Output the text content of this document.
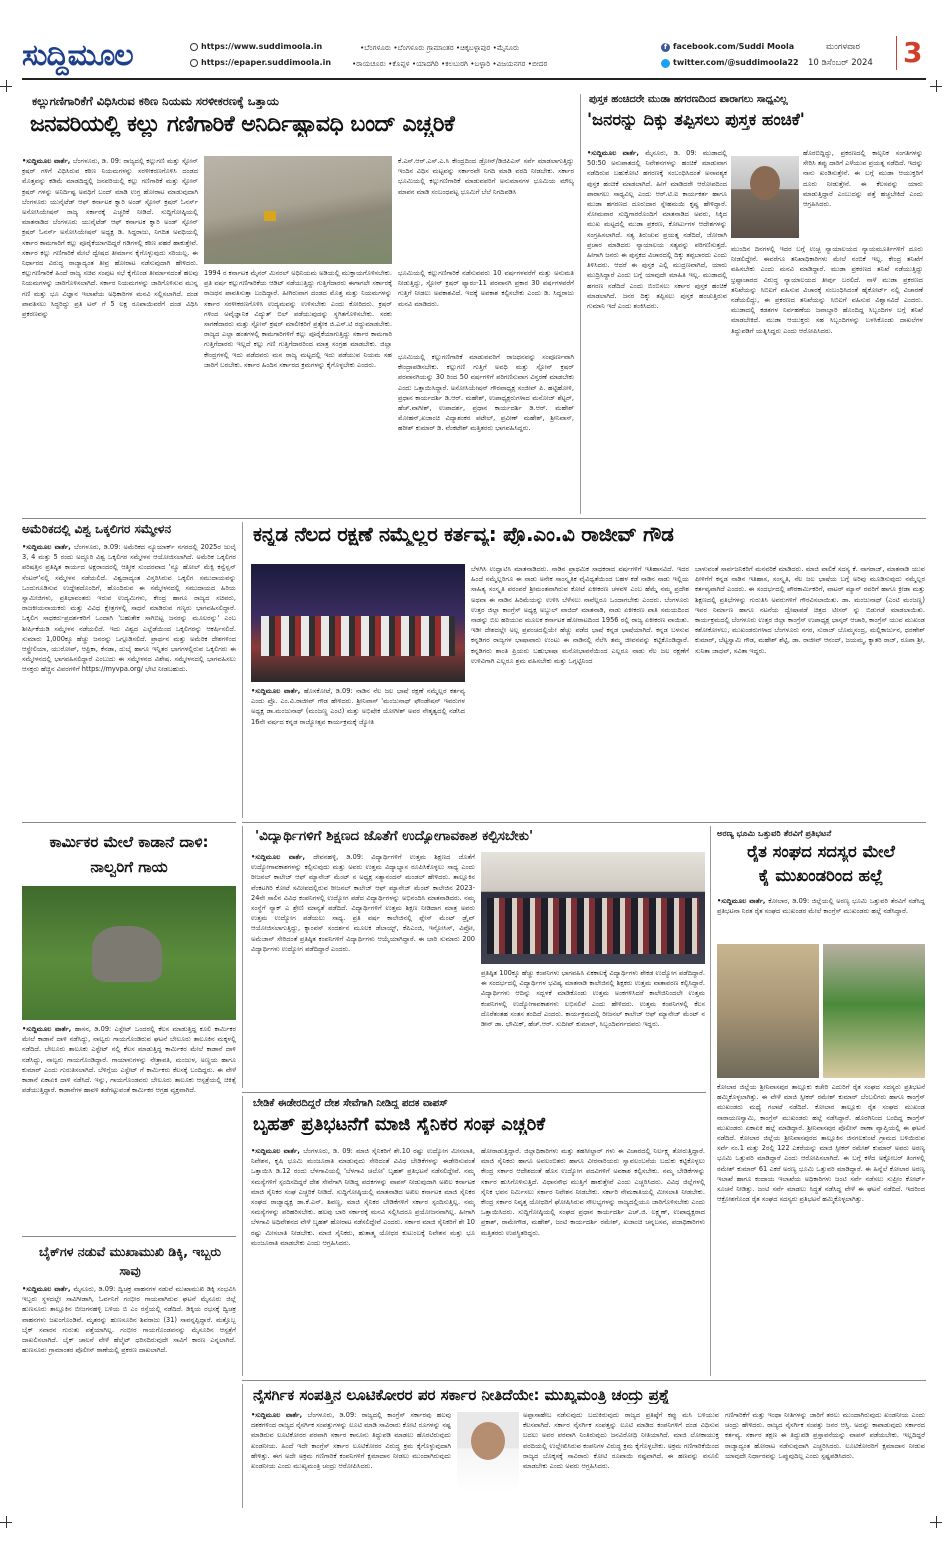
ಸುದ್ದಿಮೂಲ	https://www.suddimoola.in
https://epaper.suddimoola.in
•ಬೆಂಗಳೂರು •ಬೆಂಗಳೂರು ಗ್ರಾಮಾಂತರ •ಚಿಕ್ಕಬಳ್ಳಾಪುರ •ಮೈಸೂರು
•ರಾಯಚೂರು •ಕೊಪ್ಪಳ •ಯಾದಗಿರಿ •ಕಲಬುರಗಿ •ಬಳ್ಳಾರಿ •ವಿಜಯನಗರ •ಬೀದರ
f facebook.com/Suddi Moola
twitter.com/@suddimoola22
ಮಂಗಳವಾರ
10 ಡಿಸೆಂಬರ್ 2024 3
ಕಲ್ಲುಗಣಿಗಾರಿಕೆಗೆ ವಿಧಿಸಿರುವ ಕಠಿಣ ನಿಯಮ ಸರಳೀಕರಣಕ್ಕೆ ಒತ್ತಾಯ
ಜನವರಿಯಲ್ಲಿ ಕಲ್ಲು ಗಣಿಗಾರಿಕೆ ಅನಿರ್ದಿಷ್ಟಾವಧಿ ಬಂದ್ ಎಚ್ಚರಿಕೆ
•ಸುದ್ದಿಮೂಲ ವಾರ್ತೆ, ಬೆಂಗಳೂರು, ಡಿ. 09: ರಾಜ್ಯದಲ್ಲಿ ಕಲ್ಲುಗಣಿ ಮತ್ತು ಸ್ಟೋನ್ ಕ್ರಷರ್ ಗಳಿಗೆ ವಿಧಿಸಿರುವ ಕಠಿಣ ನಿಯಮಗಳನ್ನು ಸರಳೀಕರಣಗೊಳಿಸಿ ದಂಡದ ಮೊತ್ತವನ್ನು ಕಡಿಮೆ ಮಾಡದಿದ್ದಲ್ಲಿ ಜನವರಿಯಲ್ಲಿ ಕಲ್ಲು ಗಣಿಗಾರಿಕೆ ಮತ್ತು ಸ್ಟೋನ್ ಕ್ರಷರ್ ಗಳನ್ನು ಅನಿರ್ದಿಷ್ಟ ಅವಧಿಗೆ ಬಂದ್ ಮಾಡಿ ಉಗ್ರ ಹೋರಾಟ ಮಾಡುವುದಾಗಿ ಬೆಂಗಳೂರು ಯುನೈಟೆಡ್ ಆಫ್ ಕರ್ನಾಟಕ ಕ್ವಾರಿ ಅಂಡ್ ಸ್ಟೋನ್ ಕ್ರಷರ್ ಓನರ್ಸ್ ಅಸೋಸಿಯೇಷನ್ ರಾಜ್ಯ ಸರ್ಕಾರಕ್ಕೆ ಎಚ್ಚರಿಕೆ ನೀಡಿದೆ. ಸುದ್ದಿಗೋಷ್ಠಿಯಲ್ಲಿ ಮಾತನಾಡಿದ ಬೆಂಗಳೂರು ಯುನೈಟೆಡ್ ಆಫ್ ಕರ್ನಾಟಕ ಕ್ವಾರಿ ಅಂಡ್ ಸ್ಟೋನ್ ಕ್ರಷರ್ ಓನರ್ಸ್ ಅಸೋಸಿಯೇಷನ್ ಅಧ್ಯಕ್ಷ ಡಿ. ಸಿದ್ದರಾಜು, ನಿಗದಿತ ಅವಧಿಯಲ್ಲಿ ಸರ್ಕಾರ ಕಾಮಗಾರಿಗೆ ಕಲ್ಲು ಪೂರೈಕೆಯಾಗದಿದ್ದರೆ ಗಡಿಗಳಲ್ಲಿ ಕಠಿಣ ಪಹರೆ ಹಾಕುತ್ತೇವೆ. ಸರ್ಕಾರ ಕಲ್ಲು ಗಣಿಗಾರಿಕೆ ಮೇಲೆ ದ್ವೇಷದ ತೀರ್ಮಾನ ಕೈಗೊಳ್ಳುವುದು ಸರಿಯಲ್ಲ. ಈ ನಿರ್ಧಾರದ ವಿರುದ್ಧ ರಾಜ್ಯಾದ್ಯಂತ ತೀವ್ರ ಹೋರಾಟ ನಡೆಸುವುದಾಗಿ ಹೇಳಿದರು. ಕಲ್ಲುಗಣಿಗಾರಿಕೆ ಹಿಂದೆ ರಾಜ್ಯ ಸಚಿವ ಸಂಪುಟ ಸಭೆ ಕೈಗೊಂಡ ತೀರ್ಮಾನದಂತೆ ಹಲವು ನಿಯಮಗಳನ್ನು ಜಾರಿಗೊಳಿಸಲಾಗಿದೆ. ಸರ್ಕಾರ ನಿಯಮಗಳನ್ನು ಜಾರಿಗೊಳಿಸುವ ಮುನ್ನ ಗಣಿ ಮತ್ತು ಭೂ ವಿಜ್ಞಾನ ಇಲಾಖೆಯ ಅಧಿಕಾರಿಗಳ ಮನವಿ ಸಲ್ಲಿಸಲಾಗಿದೆ. ದಂಡ ಪಾವತಿಸಲು ಸಿದ್ಧರಿದ್ದು ಪ್ರತಿ ಟನ್ ಗೆ 5 ಲಕ್ಷ ರೂಪಾಯಿವರೆಗೆ ದಂಡ ವಿಧಿಸಿ ಪ್ರಕರಣವನ್ನು
ಕೆ.ಎಸ್.ಆರ್.ಎಸ್.ಎ.ಸಿ ಕೇಂದ್ರದಿಂದ ಡ್ರೋನ್/ಡಿಜಿಪಿಎಸ್ ಸರ್ವೆ ಮಾಡಲಾಗುತ್ತಿದ್ದು ಇಂದಿನ ವಿಧಿಸ ಮಟ್ಟವನ್ನು ಸರ್ಕಾರವೇ ನಿಗದಿ ಮಾಡಿ ವರದಿ ನೀಡಬೇಕು. ಸರ್ಕಾರ ಭೂಮಿಯಲ್ಲಿ ಕಲ್ಲುಗಣಿಗಾರಿಕೆ ಮಾಡುವವರಿಗೆ ಅನುಮಾನಗಳ ಭೂಮಿಯ ಮೌಲ್ಯ ಮಾಪನ ಮಾಡಿ ಸಂಬಂಧಪಟ್ಟ ಭೂಮಿಗೆ ಬೆಲೆ ನಿಗದಿಪಡಿಸಿ
1994 ರ ಕರ್ನಾಟಕ ಮೈನರ್ ಮಿನರಲ್ ಅಧಿನಿಯಮ ಅಡಿಯಲ್ಲಿ ಮುಕ್ತಾಯಗೊಳಿಸಬೇಕು. ಪ್ರತಿ ವರ್ಷ ಕಲ್ಲುಗಣಿಗಾರಿಕೆಯ ಆಡಿಟ್ ನಡೆಯುತ್ತಿದ್ದು ಗುತ್ತಿಗೆದಾರರು ಈಗಾಗಲೇ ಸರ್ಕಾರಕ್ಕೆ ರಾಜಧನ ಪಾವತಿಸುತ್ತಾ ಬಂದಿದ್ದಾರೆ. ಹೀಗಿರುವಾಗ ದಂಡದ ಮೊತ್ತ ಮತ್ತು ನಿಯಮಗಳನ್ನು ಸರ್ಕಾರ ಸರಳೀಕರಣಗೊಳಿಸಿ ಉದ್ಯಮವನ್ನು ಉಳಿಸಬೇಕು ಎಂದು ಕೋರಿದರು. ಕ್ರಷರ್ ಗಳಿಂದ ಅವೈಜ್ಞಾನಿಕ ವಿದ್ಯುತ್ ಬಿಲ್ ಪಡೆಯುವುದನ್ನು ಸ್ಥಗಿತಗೊಳಿಸಬೇಕು. ಸರಕು ಸಾಗಣೆದಾರರು ಮತ್ತು ಸ್ಟೋನ್ ಕ್ರಷರ್ ಮಾಲೀಕರಿಗೆ ಪ್ರತ್ಯೇಕ ಜಿ.ಎಸ್.ಟಿ ರದ್ದುಮಾಡಬೇಕು. ರಾಜ್ಯದ ಎಲ್ಲಾ ಹಂತಗಳಲ್ಲಿ ಕಾಮಗಾರಿಗಳಿಗೆ ಕಲ್ಲು ಪೂರೈಕೆಯಾಗುತ್ತಿದ್ದು ಸರ್ಕಾರ ಕಾಮಗಾರಿ ಗುತ್ತಿಗೆದಾರರು ಇಲ್ಲದೆ ಕಲ್ಲು ಗಣಿ ಗುತ್ತಿಗೆದಾರರಿಂದ ಮಾತ್ರ ಸಂಗ್ರಹ ಮಾಡಬೇಕು. ಜಿಲ್ಲಾ ಕೇಂದ್ರಗಳಲ್ಲಿ ಇದು ಪಡೆದವರು ಮನ ರಾಜ್ಯ ಮಟ್ಟದಲ್ಲಿ ಇದು ಪಡೆಯುವ ನಿಯಮ ಸಹ ಜಾರಿಗೆ ಬರಬೇಕು. ಸರ್ಕಾರ ಹಿಂದಿನ ಸರ್ಕಾರದ ಕ್ರಮಗಳನ್ನು ಕೈಗೊಳ್ಳಬೇಕು ಎಂದರು.
ಭೂಮಿಯಲ್ಲಿ ಕಲ್ಲುಗಣಿಗಾರಿಕೆ ನಡೆಸುವವರು 10 ವರ್ಷಗಳವರೆಗೆ ಮತ್ತು ಅನುಮತಿ ನೀಡುತ್ತಿದ್ದು, ಸ್ಟೋನ್ ಕ್ರಷರ್ ಫ್ಯಾರಂ-11 ಪರವಾನಗಿ ಪ್ರಕಾರ 30 ವರ್ಷಗಳವರೆಗೆ ಗುತ್ತಿಗೆ ನೀಡಲು ಅವಕಾಶವಿದೆ. ಇದಕ್ಕೆ ಅವಕಾಶ ಕಲ್ಪಿಸಬೇಕು ಎಂದು ಡಿ. ಸಿದ್ದರಾಜು ಮನವಿ ಮಾಡಿದರು.
ಭೂಮಿಯಲ್ಲಿ ಕಲ್ಲುಗಣಿಗಾರಿಕೆ ಮಾಡುವವರಿಗೆ ರಾಜಧನವನ್ನು ಸಂಪೂರ್ಣವಾಗಿ ಕೇಂದ್ರಾಪಡಿಸಬೇಕು. ಕಲ್ಲುಗಣಿ ಗುತ್ತಿಗೆ ಅವಧಿ ಮತ್ತು ಸ್ಟೋನ್ ಕ್ರಷರ್ ಪರವಾನಗಿಯನ್ನು 30 ರಿಂದ 50 ವರ್ಷಗಳಿಗೆ ಪರಿಗಣಿಸುವಾಗ ವಿಸ್ತರಣೆ ಮಾಡಬೇಕು ಎಂದು ಒತ್ತಾಯಿಸಿದ್ದಾರೆ. ಅಸೋಸಿಯೇಷನ್ ಗೌರವಾಧ್ಯಕ್ಷ ಸಂಜೀವ್ ಪಿ. ಹಟ್ಟಿಹೋಳಿ, ಪ್ರಧಾನ ಕಾರ್ಯದರ್ಶಿ ಡಿ.ಆರ್. ಮಹೇಶ್, ಉಪಾಧ್ಯಕ್ಷರುಗಳಾದ ಮನೋಜ್ ಶೆಟ್ಟರ್, ಹೆಚ್.ವಾಗೀಶ್, ಉಪಾದರ್ಶ, ಪ್ರಧಾನ ಕಾರ್ಯದರ್ಶಿ ಡಿ.ಆರ್. ಮಹೇಶ್ ಮೋಹನ್,ಖಜಾಂಚಿ ವಿದ್ಯಾಶಂಕರ ಪಟೇಲ್, ಪ್ರವೀಣ್ ಮಹೇಶ್, ಶ್ರೀನಿವಾಸ್, ಹರೀಶ್ ಕುಮಾರ್ ಡಿ. ವೆಂಕಟೇಶ್ ಮತ್ತಿತರರು ಭಾಗವಹಿಸಿದ್ದರು.
ಪುಸ್ತಕ ಹಂಚಿದರೇ ಮುಡಾ ಹಗರಣದಿಂದ ಪಾರಾಗಲು ಸಾಧ್ಯವಿಲ್ಲ
'ಜನರನ್ನು ದಿಕ್ಕು ತಪ್ಪಿಸಲು ಪುಸ್ತಕ ಹಂಚಿಕೆ'
•ಸುದ್ದಿಮೂಲ ವಾರ್ತೆ, ಮೈಸೂರು, ಡಿ. 09: ಮುಡಾದಲ್ಲಿ 50:50 ಅನುಪಾತದಲ್ಲಿ ನಿವೇಶನಗಳನ್ನು ಹಂಚಿಕೆ ಮಾಡುವಾಗ ನಡೆದಿರುವ ಬಹುಕೋಟಿ ಹಗರಣಕ್ಕೆ ಸಂಬಂಧಿಸಿದಂತೆ ಅನಾವಶ್ಯಕ ಪುಸ್ತಕ ಹಂಚಿಕೆ ಮಾಡಲಾಗಿದೆ. ಹೀಗೆ ಮಾಡಿದರೇ ಆರೋಪದಿಂದ ಪಾರಾಗಲು ಸಾಧ್ಯವಿಲ್ಲ ಎಂದು ಆರ್.ಟಿ.ಐ ಕಾರ್ಯಕರ್ತ ಹಾಗೂ ಮುಡಾ ಹಗರಣದ ದೂರುದಾರ ಸ್ನೇಹಮಯಿ ಕೃಷ್ಣ ಹೇಳಿದ್ದಾರೆ. ಸೋಮವಾರ ಸುದ್ದಿಗಾರರೊಂದಿಗೆ ಮಾತನಾಡಿದ ಅವರು, ಸಿಕ್ಕಿದ ಮುಖ ಮಟ್ಟದಲ್ಲಿ ಮುಡಾ ಪ್ರಕರಣ, ಕೋರ್ಟುಗಳ ಆದೇಶಗಳನ್ನು ಸಂಗ್ರಹಿಸಲಾಗಿದೆ. ಸತ್ಯ ತಿರುಚುವ ಪ್ರಯತ್ನ ನಡೆದಿದೆ, ಜೋರಾಗಿ ಪ್ರಚಾರ ಮಾಡಿದರು ನ್ಯಾಯಾಲಯ ಸತ್ಯವನ್ನು ಪರಿಗಣಿಸುತ್ತದೆ. ಹೀಗಾಗಿ ಜನರು ಈ ಪುಸ್ತಕದ ವಿಚಾರದಲ್ಲಿ ದಿಕ್ಕು ತಪ್ಪಬಾರದು ಎಂದು ತಿಳಿಸಿದರು. ಆದರೆ ಈ ಪುಸ್ತಕ ಎಲ್ಲಿ ಮುದ್ರಣವಾಗಿದೆ, ಯಾರು ಮುದ್ರಿಸಿದ್ದಾರೆ ಎಂದು ಬಗ್ಗೆ ಯಾವುದೇ ಮಾಹಿತಿ ಇಲ್ಲ. ಮುಡಾದಲ್ಲಿ ಹಗರಣ ನಡೆದಿದೆ ಎಂದು ಬಿಂಬಿಸಲು ಸರ್ಕಾರ ಪುಸ್ತಕ ಹಂಚಿಕೆ ಮಾಡಲಾಗಿದೆ. ಜನರ ದಿಕ್ಕು ತಪ್ಪಿಸಲು ಪುಸ್ತಕ ಹಂಚುತ್ತಿರುವ ಗುಮಾನಿ ಇದೆ ಎಂದು ಶಂಕಿಸಿದರು.
ಹೊರಬಿದ್ದಿದ್ದು, ಪ್ರಕರಣದಲ್ಲಿ ಕಾಲ್ಪನಿಕ ಸಂಗತಿಗಳನ್ನು ಸೇರಿಸಿ ತಪ್ಪು ದಾರಿಗೆ ಎಳೆಯುವ ಪ್ರಯತ್ನ ನಡೆದಿದೆ. ಇದನ್ನು ನಾನು ಖಂಡಿಸುತ್ತೇನೆ. ಈ ಬಗ್ಗೆ ಮುಡಾ ಆಯುಕ್ತರಿಗೆ ದೂರು ನೀಡುತ್ತೇನೆ. ಈ ಕೆಲಸವನ್ನು ಯಾರು ಮಾಡುತ್ತಿದ್ದಾರೆ ಎಂಬುದನ್ನು ಪತ್ತೆ ಹಚ್ಚಬೇಕಿದೆ ಎಂದು ಆಗ್ರಹಿಸಿದರು.
ಮುಂದಿನ ದಿನಗಳಲ್ಲಿ ಇದರ ಬಗ್ಗೆ ಉಚ್ಛ ನ್ಯಾಯಾಲಯದ ನ್ಯಾಯಮೂರ್ತಿಗಳಿಗೆ ದೂರು ನೀಡಲಿದ್ದೇನೆ. ಈವರೆಗೂ ತನಿಖಾಧಿಕಾರಿಗಳು ಮೇಲೆ ನಂಬಿಕೆ ಇಲ್ಲ. ಕೇಂದ್ರ ತನಿಖೆಗೆ ವಹಿಸಬೇಕು ಎಂದು ಮನವಿ ಮಾಡಿದ್ದಾರೆ. ಮುಡಾ ಪ್ರಕರಣದ ತನಿಖೆ ನಡೆಯುತ್ತಿದ್ದು ಭ್ರಷ್ಟಾಚಾರದ ವಿರುದ್ಧ ನ್ಯಾಯಾಲಯದ ತೀರ್ಪು ಬರಲಿದೆ. ನಾಳೆ ಮುಡಾ ಪ್ರಕರಣದ ತನಿಖೆಯನ್ನು ಸಿಬಿಐಗೆ ವಹಿಸುವ ವಿಚಾರಕ್ಕೆ ಸಂಬಂಧಿಸಿದಂತೆ ಹೈಕೋರ್ಟ್ ನಲ್ಲಿ ವಿಚಾರಣೆ ನಡೆಯಲಿದ್ದು, ಈ ಪ್ರಕರಣದ ತನಿಖೆಯನ್ನು ಸಿಬಿಐಗೆ ವಹಿಸುವ ವಿಶ್ವಾಸವಿದೆ ಎಂದರು. ಮುಡಾದಲ್ಲಿ ಕಡತಗಳ ನಿರ್ವಹಣೆಯ ಜವಾಬ್ದಾರಿ ಹೊಂದಿದ್ದ ಸಿಬ್ಬಂದಿಗಳ ಬಗ್ಗೆ ತನಿಖೆ ಮಾಡಬೇಕಿದೆ. ಮುಡಾ ಆಯುಕ್ತರು ಸಹ ಸಿಬ್ಬಂದಿಗಳನ್ನು ಬಳಸಿಕೊಂಡು ದಾಖಲೆಗಳ ತಿದ್ದುಪಡಿಗೆ ಯತ್ನಿಸಿದ್ದರು ಎಂದು ಆರೋಪಿಸಿದರು.
ಅಮೆರಿಕದಲ್ಲಿ ವಿಶ್ವ ಒಕ್ಕಲಿಗರ ಸಮ್ಮೇಳನ
•ಸುದ್ದಿಮೂಲ ವಾರ್ತೆ, ಬೆಂಗಳೂರು, ಡಿ.09: ಅಮೆರಿಕದ ನ್ಯೂಯಾರ್ಕ್ ನಗರದಲ್ಲಿ 2025ರ ಜುಲೈ 3, 4 ಮತ್ತು 5 ರಂದು ಅದ್ದೂರಿ ವಿಶ್ವ ಒಕ್ಕಲಿಗರ ಸಮ್ಮೇಳನ ಆಯೋಜಿಸಲಾಗಿದೆ. ಅಮೆರಿಕ ಒಕ್ಕಲಿಗರ ಪರಿಷತ್ತಿನ ಪ್ರತಿಷ್ಠಿತ ಕಾರ್ಯದ ಅಕ್ಷರಾಂದರಲ್ಲಿ ಆತ್ಮೀಕ ಸುಂದರವಾದ 'ನ್ಯೂ ಹೋಲ್ ಮೆಕ್ಸಿ ಕನ್ವೆನ್ಷನ್ ಸೆಂಟರ್'ನಲ್ಲಿ ಸಮ್ಮೇಳನ ನಡೆಯಲಿದೆ. ವಿಶ್ವದಾದ್ಯಂತ ವಿಸ್ತರಿಸಿರುವ ಒಕ್ಕಲಿಗ ಸಮುದಾಯವನ್ನು ಒಂದುಗೂಡಿಸುವ ಉದ್ದೇಶದೊಂದಿಗೆ, ಹೊಂದಿರುವ ಈ ಸಮ್ಮೇಳನದಲ್ಲಿ ಸಮುದಾಯದ ಹಿರಿಯ ಸ್ವಾಮೀಜಿಗಳು, ಪ್ರತಿಭಾವಂತರು ಇರುವ ಉದ್ಯಮಿಗಳು, ಕೇಂದ್ರ ಹಾಗೂ ರಾಜ್ಯದ ಸಚಿವರು, ರಾಜಕೀಯನಾಯಕರು ಮತ್ತು ವಿವಿಧ ಕ್ಷೇತ್ರಗಳಲ್ಲಿ ಸಾಧನೆ ಮಾಡಿರುವ ಗಣ್ಯರು ಭಾಗವಹಿಸಲಿದ್ದಾರೆ. ಒಕ್ಕಲಿಗ ಸಾಧಕರು-ಪ್ರದರ್ಶಕರಿಗೆ ಒಂದಾಗಿ 'ಬಹುತೇಕ ಸಾಗಿಬಿಟ್ಟ ಜನರನ್ನು ಮೂಲರನ್ನು' ಎಂಬ ಶೀರ್ಷಿಕೆಯಡಿ ಸಮ್ಮೇಳನ ನಡೆಯಲಿದೆ. ಇದು ವಿಶ್ವದ ಎಲ್ಲೆಡೆಯಿಂದ ಒಕ್ಕಲಿಗರನ್ನು ಆಕರ್ಷಿಸಲಿದೆ. ಸುಮಾರು 1,000ಕ್ಕೂ ಹೆಚ್ಚು ಜನರನ್ನು ಒಗ್ಗೂಡಿಸಲಿದೆ. ಪ್ರಾರ್ಥನ ಮತ್ತು ಅಮೆರಿಕ ದೇಶಗಳಿಂದ ಆಸ್ಟ್ರೇಲಿಯಾ, ಯುರೋಪ್, ಆಫ್ರಿಕಾ, ಕೆನಡಾ, ದುಬೈ ಹಾಗೂ ಇನ್ನಿತರ ಭಾಗಗಳಲ್ಲಿರುವ ಒಕ್ಕಲಿಗರು ಈ ಸಮ್ಮೇಳನದಲ್ಲಿ ಭಾಗವಹಿಸಲಿದ್ದಾರೆ ಎಂಬುದು ಈ ಸಮ್ಮೇಳನದ ವಿಶೇಷ. ಸಮ್ಮೇಳನದಲ್ಲಿ ಭಾಗವಹಿಸಲು ಆಸಕ್ತರು ಹೆಚ್ಚಿನ ವಿವರಗಳಿಗೆ https://myvpa.org/ ಭೇಟಿ ನೀಡಬಹುದು.
ಕನ್ನಡ ನೆಲದ ರಕ್ಷಣೆ ನಮ್ಮೆಲ್ಲರ ಕರ್ತವ್ಯ: ಪ್ರೊ.ಎಂ.ವಿ ರಾಜೀವ್ ಗೌಡ
•ಸುದ್ದಿಮೂಲ ವಾರ್ತೆ, ಹೊಸಕೋಟೆ, ಡಿ.09: ನಾಡಿನ ನೆಲ ಜಲ ಭಾಷೆ ರಕ್ಷಣೆ ನಮ್ಮೆಲ್ಲರ ಕರ್ತವ್ಯ ಎಂದು ಪ್ರೊ. ಎಂ.ವಿ.ರಾಜೀವ್ ಗೌಡ ಹೇಳಿದರು. ಶ್ರೀನಿವಾಸ್ 'ಮಂಜುನಾಥ್ ಫೌಂಡೇಷನ್ ಇವರುಗಳ ಅಧ್ಯಕ್ಷ ಡಾ.ಮಂಜುನಾಥ್ (ಮಂಜಣ್ಣ ಎಂಟಿ) ಮತ್ತು ಅಭಿಷೇಕ ಯೋಗೀಶ್ ಅವರ ನೇತೃತ್ವದಲ್ಲಿ ನಡೆಸಿದ 16ನೇ ವರ್ಷದ ಕನ್ನಡ ರಾಜ್ಯೋತ್ಸವ ಕಾರ್ಯಕ್ರಮಕ್ಕೆ ಜ್ಯೋತಿ
ಬೆಳಗಿಸಿ ಉದ್ಘಾಟಿಸಿ ಮಾತನಾಡಿದರು. ನಾಡಿನ ಪ್ರಾಥಮಿಕ ಸಾಧಕರಾದ ವರ್ಷಗಳಿಗೆ ಇತಿಹಾಸವಿದೆ. ಇದರ ಹಿಂದೆ ನಮ್ಮೆಲ್ಲರಿಗೂ ಈ ನಾಡು ಅನೇಕ ಸಾಂಸ್ಕೃತಿಕ ವೈವಿಧ್ಯತೆಯಿಂದ ಬಹಳ ಕಡೆ ನಾಡಿನ ನಾಡು ಇಲ್ಲಿಯ ಸಾಹಿತ್ಯ ಸಂಸ್ಕೃತಿ ಪರಂಪರೆ ಶ್ರೀಮಂತವಾಗಿರುವ ಕೋಟೆ ಏಕೀಕರಣ ಚಳವಳಿ ಎಂಬ ಹೆಮ್ಮೆ ನಮ್ಮ ಪ್ರದೇಶ ಅಥವಾ ಈ ನಾಡಿನ ಹಿರಿಮೆಯನ್ನು ಉಳಿಸಿ ಬೆಳೆಸಲು ನಾವೆಲ್ಲರೂ ಒಂದಾಗಬೇಕು ಎಂದರು. ಬೆಂಗಳೂರು ಉತ್ತರ ಜಿಲ್ಲಾ ಕಾಂಗ್ರೆಸ್ ಅಧ್ಯಕ್ಷ ಅಬ್ದುಲ್ ವಾಜಿದ್ ಮಾತನಾಡಿ, ನಾಡು ಏಕೀಕರಣ ಪಾತಿ ಸಮಯದಿಂದ ನಾಡನ್ನು ಬಿಲ ಹರಿಯುವ ಮೂಲಕ ಕರ್ನಾಟಕ ಹೋರಾಟದಿಂದ 1956 ರಲ್ಲಿ ರಾಜ್ಯ ಏಕೀಕರಣ ವಾಯಿತು. ಇಡೀ ದೇಶದಲ್ಲೇ ಅಲ್ಲ ಪ್ರಪಂಚದಲ್ಲಿಯೇ ಹೆಚ್ಚು ಪಡೆದ ಭಾಷೆ ಕನ್ನಡ ಭಾಷೆಯಾಗಿದೆ. ಕನ್ನಡ ಬಳಸುವ ಕನ್ನಡಿಗರ ರಾಜ್ಯಗಳ ಭಾಷಾವಾರು ಉಂಟು ಈ ನಾಡಿನಲ್ಲಿ ನೆಲೆಸಿ ತಮ್ಮ ಜೀವನವನ್ನು ಕಟ್ಟಿಕೊಂಡಿದ್ದಾರೆ. ಕನ್ನಡಿಗರು ಶಾಂತಿ ಪ್ರಿಯರು ಬಹುಭಾಷಾ ಮನೋಭಾವನೆಯಿಂದ ಎಲ್ಲರೂ ನಾಡು ನೆಲ ಜಲ ರಕ್ಷಣೆಗೆ ಉಳಿವಿಗಾಗಿ ಎಲ್ಲರೂ ಶ್ರಮ ವಹಿಸಬೇಕು ಮತ್ತು ಒಗ್ಗಟ್ಟಿನಿಂದ
ಬಾಳುವಂತೆ ಸಾರ್ವಜನಿಕರಿಗೆ ಮನವರಿಕೆ ಮಾಡಿದರು. ಮಾಜಿ ಪಾಲಿಕೆ ಸದಸ್ಯ ಕೆ. ನಾಗರಾಜ್, ಮಾತನಾಡಿ ಯುವ ಪೀಳಿಗೆಗೆ ಕನ್ನಡ ನಾಡಿನ ಇತಿಹಾಸ, ಸಂಸ್ಕೃತಿ, ನೆಲ ಜಲ ಭಾಷೆಯ ಬಗ್ಗೆ ಅರಿವು ಮೂಡಿಸುವುದು ನಮ್ಮೆಲ್ಲರ ಕರ್ತವ್ಯವಾಗಿದೆ ಎಂದರು. ಈ ಸಂದರ್ಭದಲ್ಲಿ ಪೌರಕಾರ್ಮಿಕರಿಗೆ, ವಾಟರ್ ಮ್ಯಾನ್ ರವರಿಗೆ ಹಾಗೂ ಕ್ರೀಡಾ ಮತ್ತು ಶಿಕ್ಷಣದಲ್ಲಿ ಪ್ರತಿಭೆಗಳನ್ನು ಗುರುತಿಸಿ ಅವರುಗಳಿಗೆ ಗೌರವಿಸಲಾಯಿತು. ಡಾ. ಮಂಜುನಾಥ್ (ಎಂಟಿ ಮಂಜಣ್ಣ) ಇವರ ನಿರ್ಮಾಣ ಹಾಗೂ ನಟನೆಯ ದ್ವೇಷಾಪಡೆ ಚಿತ್ರದ ಟೀಸರ್ ನ್ನು ಬಿಡುಗಡೆ ಮಾಡಲಾಯಿತು. ಕಾರ್ಯಕ್ರಮದಲ್ಲಿ ಬೆಂಗಳೂರು ಉತ್ತರ ಜಿಲ್ಲಾ ಕಾಂಗ್ರೆಸ್ ಉಪಾಧ್ಯಕ್ಷ ಭಾಸ್ಕರ್ ಆಚಾರಿ, ಕಾಂಗ್ರೆಸ್ ಯುವ ಮುಖಂಡ ಕಶೋಕೋಳಲು, ಮುಖಂಡರುಗಳಾದ ಬೆಂಗಳೂರು ನಗರ, ಸುರಾಜ್ ಬೊಮ್ಮಸಂದ್ರ, ಮಲ್ಲಿಕಾರ್ಜುನ, ಧರಣೇಶ್ ಕುಮಾರ್, ಬೆಟ್ಟಸ್ವಾಮಿ ಗೌಡ, ಮಹೇಶ್ ಶೆಟ್ಟಿ, ಡಾ. ರಾಜೀವ್ ಆನಂದ್, ಜಯಮ್ಮ, ಕ್ಯಾತರಿ ರಾಜ್, ರೂಪಾ ಶ್ರೀ, ಸುನಿತಾ ಜಾಧವ್, ಸವಿತಾ ಇದ್ದರು.
ಕಾರ್ಮಿಕರ ಮೇಲೆ ಕಾಡಾನೆ ದಾಳಿ: ನಾಲ್ವರಿಗೆ ಗಾಯ
•ಸುದ್ದಿಮೂಲ ವಾರ್ತೆ, ಹಾಸನ, ಡಿ.09: ಎಸ್ಟೇಟ್ ಒಂದರಲ್ಲಿ ಕೆಲಸ ಮಾಡುತ್ತಿದ್ದ ಕೂಲಿ ಕಾರ್ಮಿಕರ ಮೇಲೆ ಕಾಡಾನೆ ದಾಳಿ ನಡೆಸಿದ್ದು, ನಾಲ್ವರು ಗಾಯಗೊಂಡಿರುವ ಘಟನೆ ಬೇಲೂರು ತಾಲೂಕಿನ ಮಕ್ಕಳಲ್ಲಿ ನಡೆದಿದೆ. ಬೇಲೂರು ತಾಲೂಕು ಎಸ್ಟೇಟ್ ನಲ್ಲಿ ಕೆಲಸ ಮಾಡುತ್ತಿದ್ದ ಕಾರ್ಮಿಕರ ಮೇಲೆ ಕಾಡಾನೆ ದಾಳಿ ನಡೆಸಿದ್ದು, ನಾಲ್ವರು ಗಾಯಗೊಂಡಿದ್ದಾರೆ. ಗಾಯಾಳುಗಳನ್ನು ನೇತ್ರಾವತಿ, ಮಂಜುಳ, ಅಣ್ಣಯ ಹಾಗೂ ಕುಮಾರ್ ಎಂದು ಗುರುತಿಸಲಾಗಿದೆ. ಬೆಳಿಗ್ಗೆಯ ಎಸ್ಟೇಟ್ ಗೆ ಕಾರ್ಮಿಕರು ಕೆಲಸಕ್ಕೆ ಬಂದಿದ್ದರು. ಈ ವೇಳೆ ಕಾಡಾನೆ ಏಕಾಏಕಿ ದಾಳಿ ನಡೆಸಿದೆ. ಇನ್ನು, ಗಾಯಗೊಂಡವರು ಬೇಲೂರು ತಾಲೂಕು ಆಸ್ಪತ್ರೆಯಲ್ಲಿ ಚಿಕಿತ್ಸೆ ಪಡೆಯುತ್ತಿದ್ದಾರೆ. ಕಾಡಾನೆಗಳ ಹಾವಳಿ ತಡೆಗಟ್ಟುವಂತೆ ಕಾರ್ಮಿಕರ ಆಗ್ರಹ ವ್ಯಕ್ತವಾಗಿದೆ.
ಬೈಕ್‌ಗಳ ನಡುವೆ ಮುಖಾಮುಖಿ ಡಿಕ್ಕಿ, ಇಬ್ಬರು ಸಾವು
•ಸುದ್ದಿಮೂಲ ವಾರ್ತೆ, ಮೈಸೂರು, ಡಿ.09: ದ್ವಿಚಕ್ರ ವಾಹನಗಳ ನಡುವೆ ಮುಖಾಮುಖಿ ಡಿಕ್ಕಿ ಸಂಭವಿಸಿ ಇಬ್ಬರು ಸ್ಥಳದಲ್ಲೇ ಸಾವಿಗೀಡಾಗಿ, ಓರ್ವನಿಗೆ ಗಂಭೀರ ಗಾಯವಾಗಿರುವ ಘಟನೆ ಮೈಸೂರು ಜಿಲ್ಲೆ ಹುಣಸೂರು ತಾಲ್ಲೂಕಿನ ಬೀಜಗನಹಳ್ಳಿ ಬಳಿಯ ಬಿ ಎಂ ರಸ್ತೆಯಲ್ಲಿ ನಡೆದಿದೆ. ಡಿಕ್ಕಿಯ ರಭಸಕ್ಕೆ ದ್ವಿಚಕ್ರ ವಾಹನಗಳು ಜಖಂಗೊಂಡಿವೆ. ಮೃತರನ್ನು ಹುಣಸೂರಿನ ಶಿವರಾಜು (31) ಸಾವನ್ನಪ್ಪಿದ್ದಾರೆ. ಮತ್ತೊಬ್ಬ ಬೈಕ್ ಸವಾರನ ಗುರುತು ಪತ್ತೆಯಾಗಿಲ್ಲ. ಗಂಭೀರ ಗಾಯಗೊಂಡವನನ್ನು ಮೈಸೂರಿನ ಆಸ್ಪತ್ರೆಗೆ ದಾಖಲಿಸಲಾಗಿದೆ. ಬೈಕ್ ಚಾಲನೆ ವೇಳೆ ಹೆಲ್ಮೆಟ್ ಧರಿಸದಿರುವುದೇ ಸಾವಿಗೆ ಕಾರಣ ಎನ್ನಲಾಗಿದೆ. ಹುಣಸೂರು ಗ್ರಾಮಾಂತರ ಪೊಲೀಸ್ ಠಾಣೆಯಲ್ಲಿ ಪ್ರಕರಣ ದಾಖಲಾಗಿದೆ.
'ವಿದ್ಯಾರ್ಥಿಗಳಿಗೆ ಶಿಕ್ಷಣದ ಜೊತೆಗೆ ಉದ್ಯೋಗಾವಕಾಶ ಕಲ್ಪಿಸಬೇಕು'
•ಸುದ್ದಿಮೂಲ ವಾರ್ತೆ, ದೇವನಹಳ್ಳಿ, ಡಿ.09: ವಿದ್ಯಾರ್ಥಿಗಳಿಗೆ ಉತ್ತಮ ಶಿಕ್ಷಣದ ಜೊತೆಗೆ ಉದ್ಯೋಗಾವಕಾಶಗಳನ್ನು ಕಲ್ಪಿಸುವುದು ಮತ್ತು ಅವರು ಉತ್ತಮ ವಿದ್ಯಾಭ್ಯಾಸ ರೂಪಿಸಿಕೊಳ್ಳಲು ಸಾಧ್ಯ ಎಂದು ರೀಜನಲ್ ಕಾಲೇಜ್ ಆಫ್ ಮ್ಯಾನೇಜ್ ಮೆಂಟ್ ನ ಅಧ್ಯಕ್ಷ ಸತ್ಯಾನಂದನ್ ಮಂಡಲ್ ಹೇಳಿದರು. ತಾಲ್ಲೂಕಿನ ವೆಂಕಟಗಿರಿ ಕೋಟೆ ಸಮೀಪದಲ್ಲಿರುವ ರೀಜನಲ್ ಕಾಲೇಜ್ ಆಫ್ ಮ್ಯಾನೇಜ್ ಮೆಂಟ್ ಕಾಲೇಜಿನ 2023-24ನೇ ಸಾಲಿನ ವಿವಿಧ ಕಂಪನಿಗಳಲ್ಲಿ ಉದ್ಯೋಗ ಪಡೆದ ವಿದ್ಯಾರ್ಥಿಗಳನ್ನು ಅಭಿನಂದಿಸಿ ಮಾತನಾಡಿದರು. ನಮ್ಮ ಸಂಸ್ಥೆಗೆ ನ್ಯಾಕ್ ಎ ಶ್ರೇಣಿ ಮಾನ್ಯತೆ ಪಡೆದಿದೆ. ವಿದ್ಯಾರ್ಥಿಗಳಿಗೆ ಉತ್ತಮ ಶಿಕ್ಷಣ ನೀಡಿದಾಗ ಮಾತ್ರ ಅವರು ಉತ್ತಮ ಉದ್ಯೋಗ ಪಡೆಯಲು ಸಾಧ್ಯ. ಪ್ರತಿ ವರ್ಷ ಕಾಲೇಜಿನಲ್ಲಿ ಪ್ಲೇಸ್ ಮೆಂಟ್ ಡ್ರೈವ್ ಆಯೋಜಿಸಲಾಗುತ್ತಿದ್ದು, ಕ್ಯಾಂಪಸ್ ಸಂದರ್ಶನ ಮೂಲಕ ಡೆಲಾಯ್ಟ್, ಕೆಪಿಎಂಜಿ, ಇನ್ಫೋಸಿಸ್, ವಿಪ್ರೋ, ಅಮೆಜಾನ್ ಸೇರಿದಂತೆ ಪ್ರತಿಷ್ಠಿತ ಕಂಪನಿಗಳಿಗೆ ವಿದ್ಯಾರ್ಥಿಗಳು ಆಯ್ಕೆಯಾಗಿದ್ದಾರೆ. ಈ ಬಾರಿ ಸುಮಾರು 200 ವಿದ್ಯಾರ್ಥಿಗಳು ಉದ್ಯೋಗ ಪಡೆದಿದ್ದಾರೆ ಎಂದರು.
ಪ್ರತಿಷ್ಠಿತ 100ಕ್ಕೂ ಹೆಚ್ಚು ಕಂಪನಿಗಳು ಭಾಗವಹಿಸಿ ಏಕಕಾಲಕ್ಕೆ ವಿದ್ಯಾರ್ಥಿಗಳು ಶೇಕಡ ಉದ್ಯೋಗ ಪಡೆದಿದ್ದಾರೆ. ಈ ಸಂದರ್ಭದಲ್ಲಿ ವಿದ್ಯಾರ್ಥಿಗಳ ಭವಿಷ್ಯ ಮಾತನಾಡಿ ಕಾಲೇಜಿನಲ್ಲಿ ಶಿಕ್ಷಕರು ಉತ್ತಮ ವಾತಾವರಣ ಕಲ್ಪಿಸಿದ್ದಾರೆ. ವಿದ್ಯಾರ್ಥಿಗಳು ಆದಿನ್ನು ಸದ್ಬಳಕೆ ಮಾಡಿಕೊಂಡು ಉತ್ತಮ ಅಂಕಗಳಿಸಿದರೆ ಕಾಲೇಜಿನಿಂದಲೇ ಉತ್ತಮ ಕಂಪನಿಗಳಲ್ಲಿ ಉದ್ಯೋಗಾವಕಾಶಗಳು ಲಭಿಸಲಿವೆ ಎಂದು ಹೇಳಿದರು. ಉತ್ತಮ ಕಂಪನಿಗಳಲ್ಲಿ ಕೆಲಸ ದೊರೆತಂತಹ ಸಂತಸ ತಂದಿದೆ ಎಂದರು. ಕಾರ್ಯಕ್ರಮದಲ್ಲಿ ರೀಜನಲ್ ಕಾಲೇಜ್ ಆಫ್ ಮ್ಯಾನೇಜ್ ಮೆಂಟ್ ನ ಡೀನ್ ಡಾ. ಭೌಮಿಕ್, ಹೆಚ್.ಆರ್. ಸುದೀಪ್ ಕುಮಾರ್, ಸಿಬ್ಬಂದಿವರ್ಗದವರು ಇದ್ದರು.
ಅರಣ್ಯ ಭೂಮಿ ಒತ್ತುವರಿ ತೆರವಿಗೆ ಪ್ರತಿಭಟನೆ
ರೈತ ಸಂಘದ ಸದಸ್ಯರ ಮೇಲೆ
ಕೈ ಮುಖಂಡರಿಂದ ಹಲ್ಲೆ
•ಸುದ್ದಿಮೂಲ ವಾರ್ತೆ, ಕೋಲಾರ, ಡಿ.09: ಜಿಲ್ಲೆಯಲ್ಲಿ ಅರಣ್ಯ ಭೂಮಿ ಒತ್ತುವರಿ ತೆರವಿಗೆ ನಡೆಸಿದ್ದ ಪ್ರತಿಭಟನಾ ನಿರತ ರೈತ ಸಂಘದ ಮುಖಂಡರ ಮೇಲೆ ಕಾಂಗ್ರೆಸ್ ಮುಖಂಡರು ಹಲ್ಲೆ ನಡೆಸಿದ್ದಾರೆ.
ಕೋಲಾರ ಜಿಲ್ಲೆಯ ಶ್ರೀನಿವಾಸಪುರ ತಾಲ್ಲೂಕು ಕಚೇರಿ ಎದುರಿಗೆ ರೈತ ಸಂಘದ ಸದಸ್ಯರು ಪ್ರತಿಭಟನೆ ಹಮ್ಮಿಕೊಳ್ಳಲಾಗಿತ್ತು. ಈ ವೇಳೆ ಮಾಜಿ ಸ್ಪೀಕರ್ ರಮೇಶ್ ಕುಮಾರ್ ಬೆಂಬಲಿಗರು ಹಾಗೂ ಕಾಂಗ್ರೆಸ್ ಮುಖಂಡರು ಮಧ್ಯೆ ಗಲಾಟೆ ನಡೆದಿದೆ. ಕೋಲಾರ ತಾಲ್ಲೂಕು ರೈತ ಸಂಘದ ಮುಖಂಡ ನಾರಾಯಣಸ್ವಾಮಿ, ಕಾಂಗ್ರೆಸ್ ಮುಖಂಡರು ಹಲ್ಲೆ ನಡೆಸಿದ್ದಾರೆ. ಹೊರಗಿನಿಂದ ಬಂದಿದ್ದ ಕಾಂಗ್ರೆಸ್ ಮುಖಂಡರು ಏಕಾಏಕಿ ಹಲ್ಲೆ ಮಾಡಿದ್ದಾರೆ. ಶ್ರೀನಿವಾಸಪುರ ಪೊಲೀಸ್ ಠಾಣಾ ವ್ಯಾಪ್ತಿಯಲ್ಲಿ ಈ ಘಟನೆ ನಡೆದಿದೆ. ಕೋಲಾರ ಜಿಲ್ಲೆಯ ಶ್ರೀನಿವಾಸಪುರದ ತಾಲ್ಲೂಕಿನ ಜಿನಗಲಕುಂಟೆ ಗ್ರಾಮದ ಬಳಿಯಿರುವ ಸರ್ವೆ ನಂ.1 ಮತ್ತು 2ರಲ್ಲಿ 122 ಎಕರೆಯನ್ನು ಮಾಜಿ ಸ್ಪೀಕರ್ ರಮೇಶ್ ಕುಮಾರ್ ಅವರು ಅರಣ್ಯ ಭೂಮಿ ಒತ್ತುವರಿ ಮಾಡಿದ್ದಾರೆ ಎಂದು ಆರೋಪಿಸಲಾಗಿದೆ. ಈ ಬಗ್ಗೆ ಕಳೆದ ಅಕ್ಟೋಬರ್ ತಿಂಗಳಲ್ಲಿ ರಮೇಶ್ ಕುಮಾರ್ 61 ಎಕರೆ ಅರಣ್ಯ ಭೂಮಿ ಒತ್ತುವರಿ ಮಾಡಿದ್ದಾರೆ. ಈ ಹಿನ್ನೆಲೆ ಕೋಲಾರ ಅರಣ್ಯ ಇಲಾಖೆ ಹಾಗೂ ಕಂದಾಯ ಇಲಾಖೆಯ ಅಧಿಕಾರಿಗಳು ಜಂಟಿ ಸರ್ವೆ ನಡೆಸಲು ಸುಪ್ರೀಂ ಕೋರ್ಟ್ ಸೂಚನೆ ನೀಡಿತ್ತು. ಜಂಟಿ ಸರ್ವೆ ಮಾಡಲು ಸಿದ್ಧತೆ ನಡೆಸಿದ್ದ ವೇಳೆ ಈ ಘಟನೆ ನಡೆದಿದೆ. ಇದರಿಂದ ಆಕ್ರೋಶಗೊಂಡ ರೈತ ಸಂಘದ ಸದಸ್ಯರು ಪ್ರತಿಭಟನೆ ಹಮ್ಮಿಕೊಳ್ಳಲಾಗಿತ್ತು.
ಬೇಡಿಕೆ ಈಡೇರದಿದ್ದರೆ ದೇಶ ಸೇವೆಗಾಗಿ ನೀಡಿದ್ದ ಪದಕ ವಾಪಸ್
ಬೃಹತ್ ಪ್ರತಿಭಟನೆಗೆ ಮಾಜಿ ಸೈನಿಕರ ಸಂಘ ಎಚ್ಚರಿಕೆ
•ಸುದ್ದಿಮೂಲ ವಾರ್ತೆ, ಬೆಂಗಳೂರು, ಡಿ. 09: ಮಾಜಿ ಸೈನಿಕರಿಗೆ ಶೇ.10 ರಷ್ಟು ಉದ್ಯೋಗ ಮೀಸಲಾತಿ, ನಿವೇಶನ, ಕೃಷಿ ಭೂಮಿ ಮಂಜೂರಾತಿ ಮಾಡುವುದು ಸೇರಿದಂತೆ ವಿವಿಧ ಬೇಡಿಕೆಗಳನ್ನು ಈಡೇರಿಸುವಂತೆ ಒತ್ತಾಯಿಸಿ ಡಿ.12 ರಂದು ಬೆಳಗಾವಿಯಲ್ಲಿ 'ಬೆಳಗಾವಿ ಚಲೋ' ಬೃಹತ್ ಪ್ರತಿಭಟನೆ ನಡೆಸಲಿದ್ದೇವೆ. ನಮ್ಮ ಸಮಸ್ಯೆಗಳಿಗೆ ಸ್ಪಂದಿಸದಿದ್ದರೆ ದೇಶ ಸೇವೆಗಾಗಿ ನೀಡಿದ್ದ ಪದಕಗಳನ್ನು ವಾಪಸ್ ನೀಡುವುದಾಗಿ ಅಖಿಲ ಕರ್ನಾಟಕ ಮಾಜಿ ಸೈನಿಕರ ಸಂಘ ಎಚ್ಚರಿಕೆ ನೀಡಿದೆ. ಸುದ್ದಿಗೋಷ್ಠಿಯಲ್ಲಿ ಮಾತನಾಡಿದ ಅಖಿಲ ಕರ್ನಾಟಕ ಮಾಜಿ ಸೈನಿಕರ ಸಂಘದ ರಾಜ್ಯಾಧ್ಯಕ್ಷ ಡಾ.ಕೆ.ಎನ್. ಶಿವಣ್ಣ, ಮಾಜಿ ಸೈನಿಕರ ಬೇಡಿಕೆಗಳಿಗೆ ಸರ್ಕಾರ ಸ್ಪಂದಿಸುತ್ತಿಲ್ಲ. ನಮ್ಮ ಸಮಸ್ಯೆಗಳನ್ನು ಪರಿಹರಿಸಬೇಕು. ಹಲವು ಬಾರಿ ಸರ್ಕಾರಕ್ಕೆ ಮನವಿ ಸಲ್ಲಿಸಿದರೂ ಪ್ರಯೋಜನವಾಗಿಲ್ಲ. ಹೀಗಾಗಿ ಬೆಳಗಾವಿ ಅಧಿವೇಶನದ ವೇಳೆ ಬೃಹತ್ ಹೋರಾಟ ನಡೆಸಲಿದ್ದೇವೆ ಎಂದರು. ಸರ್ಕಾರ ಮಾಜಿ ಸೈನಿಕರಿಗೆ ಶೇ 10 ರಷ್ಟು ಮೀಸಲಾತಿ ನೀಡಬೇಕು. ಮಾಜಿ ಸೈನಿಕರು, ಹುತಾತ್ಮ ಯೋಧರ ಕುಟುಂಬಕ್ಕೆ ನಿವೇಶನ ಮತ್ತು ಭೂ ಮಂಜೂರಾತಿ ಮಾಡಬೇಕು ಎಂದು ಆಗ್ರಹಿಸಿದರು.
ಹೋರಾಡುತ್ತಿದ್ದಾರೆ. ಜಿಲ್ಲಾಧಿಕಾರಿಗಳು ಮತ್ತು ತಹಸೀಲ್ದಾರ್ ಗಳು ಈ ವಿಚಾರದಲ್ಲಿ ನಿರ್ಲಕ್ಷ್ಯ ತೋರುತ್ತಿದ್ದಾರೆ. ಮಾಜಿ ಸೈನಿಕರು ಹಾಗೂ ಅವಲಂಬಿತರು ಹಾಗೂ ವೀರನಾರಿಯರು ಸ್ವಾವಲಂಬನೆಯ ಬದುಕು ಕಟ್ಟಿಕೊಳ್ಳಲು ಕೇಂದ್ರ ಸರ್ಕಾರ ಆದೇಶದಂತೆ ಹೊಸ ಉದ್ಯೋಗ ಪದವಿಗಳಿಗೆ ಅವಕಾಶ ಕಲ್ಪಿಸಬೇಕು. ನಮ್ಮ ಬೇಡಿಕೆಗಳನ್ನು ಸರ್ಕಾರ ಹುಸಿಗೊಳಿಸುತ್ತಿದೆ. ವಿಧಾನಸೌಧ ಮುತ್ತಿಗೆ ಹಾಕುತ್ತೇವೆ ಎಂದು ಎಚ್ಚರಿಸಿದರು. ವಿವಿಧ ಜಿಲ್ಲೆಗಳಲ್ಲಿ ಸೈನಿಕ ಭವನ ನಿರ್ಮಿಸಲು ಸರ್ಕಾರ ನಿವೇಶನ ನೀಡಬೇಕು. ಸರ್ಕಾರಿ ನೇಮಕಾತಿಯಲ್ಲಿ ಮೀಸಲಾತಿ ನೀಡಬೇಕು. ಕೇಂದ್ರ ಸರ್ಕಾರ ನಿವೃತ್ತ ಯೋಧರಿಗೆ ಘೋಷಿಸಿರುವ ಸೌಲಭ್ಯಗಳನ್ನು ರಾಜ್ಯದಲ್ಲಿಯೂ ಜಾರಿಗೊಳಿಸಬೇಕು ಎಂದು ಒತ್ತಾಯಿಸಿದರು. ಸುದ್ದಿಗೋಷ್ಠಿಯಲ್ಲಿ ಸಂಘದ ಪ್ರಧಾನ ಕಾರ್ಯದರ್ಶಿ ಎಚ್.ಜಿ. ಲಕ್ಷ್ಮಣ್, ಉಪಾಧ್ಯಕ್ಷರಾದ ಪ್ರಕಾಶ್, ರಾಮೇಗೌಡ, ಮಹೇಶ್, ಜಂಟಿ ಕಾರ್ಯದರ್ಶಿ ರಮೇಶ್, ಖಜಾಂಚಿ ಚನ್ನಬಸವ, ಪದಾಧಿಕಾರಿಗಳು ಮತ್ತಿತರರು ಉಪಸ್ಥಿತರಿದ್ದರು.
ನೈಸರ್ಗಿಕ ಸಂಪತ್ತಿನ ಲೂಟಿಕೋರರ ಪರ ಸರ್ಕಾರ ನೀತಿದೆಯೇ: ಮುಖ್ಯಮಂತ್ರಿ ಚಂದ್ರು ಪ್ರಶ್ನೆ
•ಸುದ್ದಿಮೂಲ ವಾರ್ತೆ, ಬೆಂಗಳೂರು, ಡಿ.09: ರಾಜ್ಯದಲ್ಲಿ ಕಾಂಗ್ರೆಸ್ ಸರ್ಕಾರವು ಹಲವು ದಶಕಗಳಿಂದ ರಾಜ್ಯದ ನೈಸರ್ಗಿಕ ಸಂಪತ್ತುಗಳನ್ನು ಲೂಟಿ ಮಾಡಿ ಸಾವಿರಾರು ಕೋಟಿ ರೂಗಳನ್ನು ನಷ್ಟ ಮಾಡಿರುವ ಲೂಟಿಕೋರರ ಪರವಾಗಿ ಸರ್ಕಾರ ಕಾನೂನು ತಿದ್ದುಪಡಿ ಮಾಡಲು ಹೊರಟಿರುವುದು ಖಂಡನೀಯ. ಹಿಂದೆ ಇದೇ ಕಾಂಗ್ರೆಸ್ ಸರ್ಕಾರ ಲೂಟಿಕೋರರ ವಿರುದ್ಧ ಕ್ರಮ ಕೈಗೊಳ್ಳುವುದಾಗಿ ಹೇಳಿತ್ತು. ಈಗ ಅದೇ ಅಕ್ರಮ ಗಣಿಗಾರಿಕೆ ಕಂಪನಿಗಳಿಗೆ ಕ್ಷಮಾದಾನ ನೀಡಲು ಮುಂದಾಗಿರುವುದು ಖಂಡನೀಯ ಎಂದು ಮುಖ್ಯಮಂತ್ರಿ ಚಂದ್ರು ಆರೋಪಿಸಿದರು.
ಅಪ್ಪಾಸಾಹೇಬ ನಡೆಸುವುದು ಬದುಕಿರುವುದು ರಾಜ್ಯದ ಪ್ರತಿಷ್ಠೆಗೆ ಕಪ್ಪು ಮಸಿ ಬಳಿಯುವ ಕೆಲಸವಾಗಿದೆ. ಸರ್ಕಾರ ನೈಸರ್ಗಿಕ ಸಂಪತ್ತನ್ನು ಲೂಟಿ ಮಾಡಿದ ಕಂಪನಿಗಳಿಗೆ ದಂಡ ವಿಧಿಸುವ ಬದಲು ಅವರ ಪರವಾಗಿ ನಿಂತಿರುವುದು ಜನವಿರೋಧಿ ನೀತಿಯಾಗಿದೆ. ಮಾಜಿ ಲೋಕಾಯುಕ್ತ ವರದಿಯಲ್ಲಿ ಉಲ್ಲೇಖಿಸಿರುವ ಕಂಪನಿಗಳ ವಿರುದ್ಧ ಕ್ರಮ ಕೈಗೊಳ್ಳಬೇಕು. ಅಕ್ರಮ ಗಣಿಗಾರಿಕೆಯಿಂದ ರಾಜ್ಯದ ಬೊಕ್ಕಸಕ್ಕೆ ಸಾವಿರಾರು ಕೋಟಿ ರೂಪಾಯಿ ನಷ್ಟವಾಗಿದೆ. ಈ ಹಣವನ್ನು ವಸೂಲಿ ಮಾಡಬೇಕು ಎಂದು ಅವರು ಆಗ್ರಹಿಸಿದರು.
ಗಣಿಗಾರಿಕೆಗೆ ಮತ್ತು ಇಂಥಾ ನೀತಿಗಳನ್ನು ಜಾರಿಗೆ ತರಲು ಮುಂದಾಗಿರುವುದು ಖಂಡನೀಯ ಎಂದು ಚಂದ್ರು ಹೇಳಿದರು. ರಾಜ್ಯದ ನೈಸರ್ಗಿಕ ಸಂಪತ್ತು ಜನರ ಆಸ್ತಿ. ಅದನ್ನು ಕಾಪಾಡುವುದು ಸರ್ಕಾರದ ಕರ್ತವ್ಯ. ಸರ್ಕಾರ ತಕ್ಷಣ ಈ ತಿದ್ದುಪಡಿ ಪ್ರಸ್ತಾವನೆಯನ್ನು ವಾಪಸ್ ಪಡೆಯಬೇಕು. ಇಲ್ಲದಿದ್ದರೆ ರಾಜ್ಯಾದ್ಯಂತ ಹೋರಾಟ ನಡೆಸುವುದಾಗಿ ಎಚ್ಚರಿಸಿದರು. ಲೂಟಿಕೋರರಿಗೆ ಕ್ಷಮಾದಾನ ನೀಡುವ ಯಾವುದೇ ನಿರ್ಧಾರವನ್ನು ಒಪ್ಪುವುದಿಲ್ಲ ಎಂದು ಸ್ಪಷ್ಟಪಡಿಸಿದರು.
